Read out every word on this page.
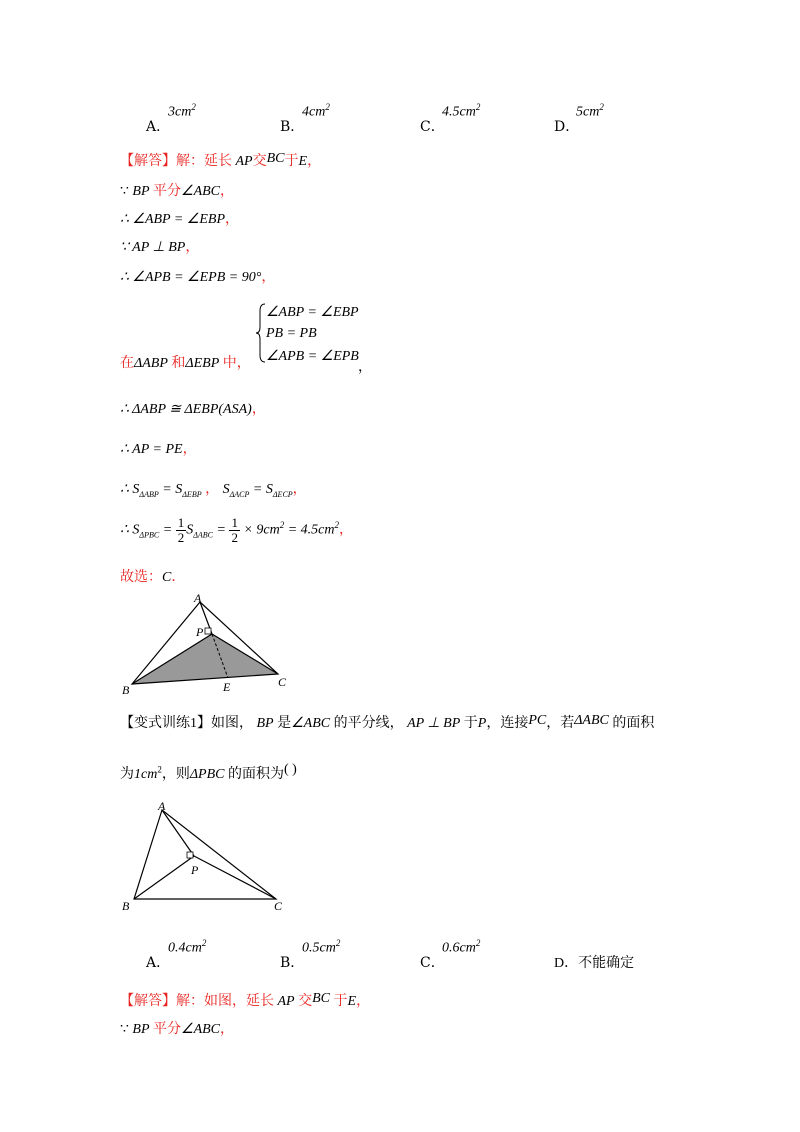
A．
$3cm^2$
B．
$4cm^2$
C．
$4.5cm^2$
D．
$5cm^2$
【解答】解：延长 AP交BC于E，
∵ BP 平分∠ABC，
∴ ∠ABP = ∠EBP，
∵ AP ⊥ BP，
∴ ∠APB = ∠EPB = 90°，
∠ABP = ∠EBP
PB = PB
∠APB = ∠EPB
在ΔABP 和ΔEBP 中，	，
∴ ΔABP ≅ ΔEBP(ASA)，
∴ AP = PE，
∴ $S_{\Delta ABP} = S_{\Delta EBP}$ ， $S_{\Delta ACP} = S_{\Delta ECP}$，
∴ $S_{\Delta PBC} = \frac{1}{2} S_{\Delta ABC} = \frac{1}{2} \times 9cm^2 = 4.5cm^2$，
故选：C．
A
P
B	E	C
【变式训练1】如图， BP 是∠ABC 的平分线， AP ⊥ BP 于P，连接PC，若ΔABC 的面积
为$1cm^2$，则ΔPBC 的面积为( )
A
P
B	C
A．
$0.4cm^2$
B．
$0.5cm^2$
C．
$0.6cm^2$
D．不能确定
【解答】解：如图，延长 AP 交BC 于E，
∵ BP 平分∠ABC，
